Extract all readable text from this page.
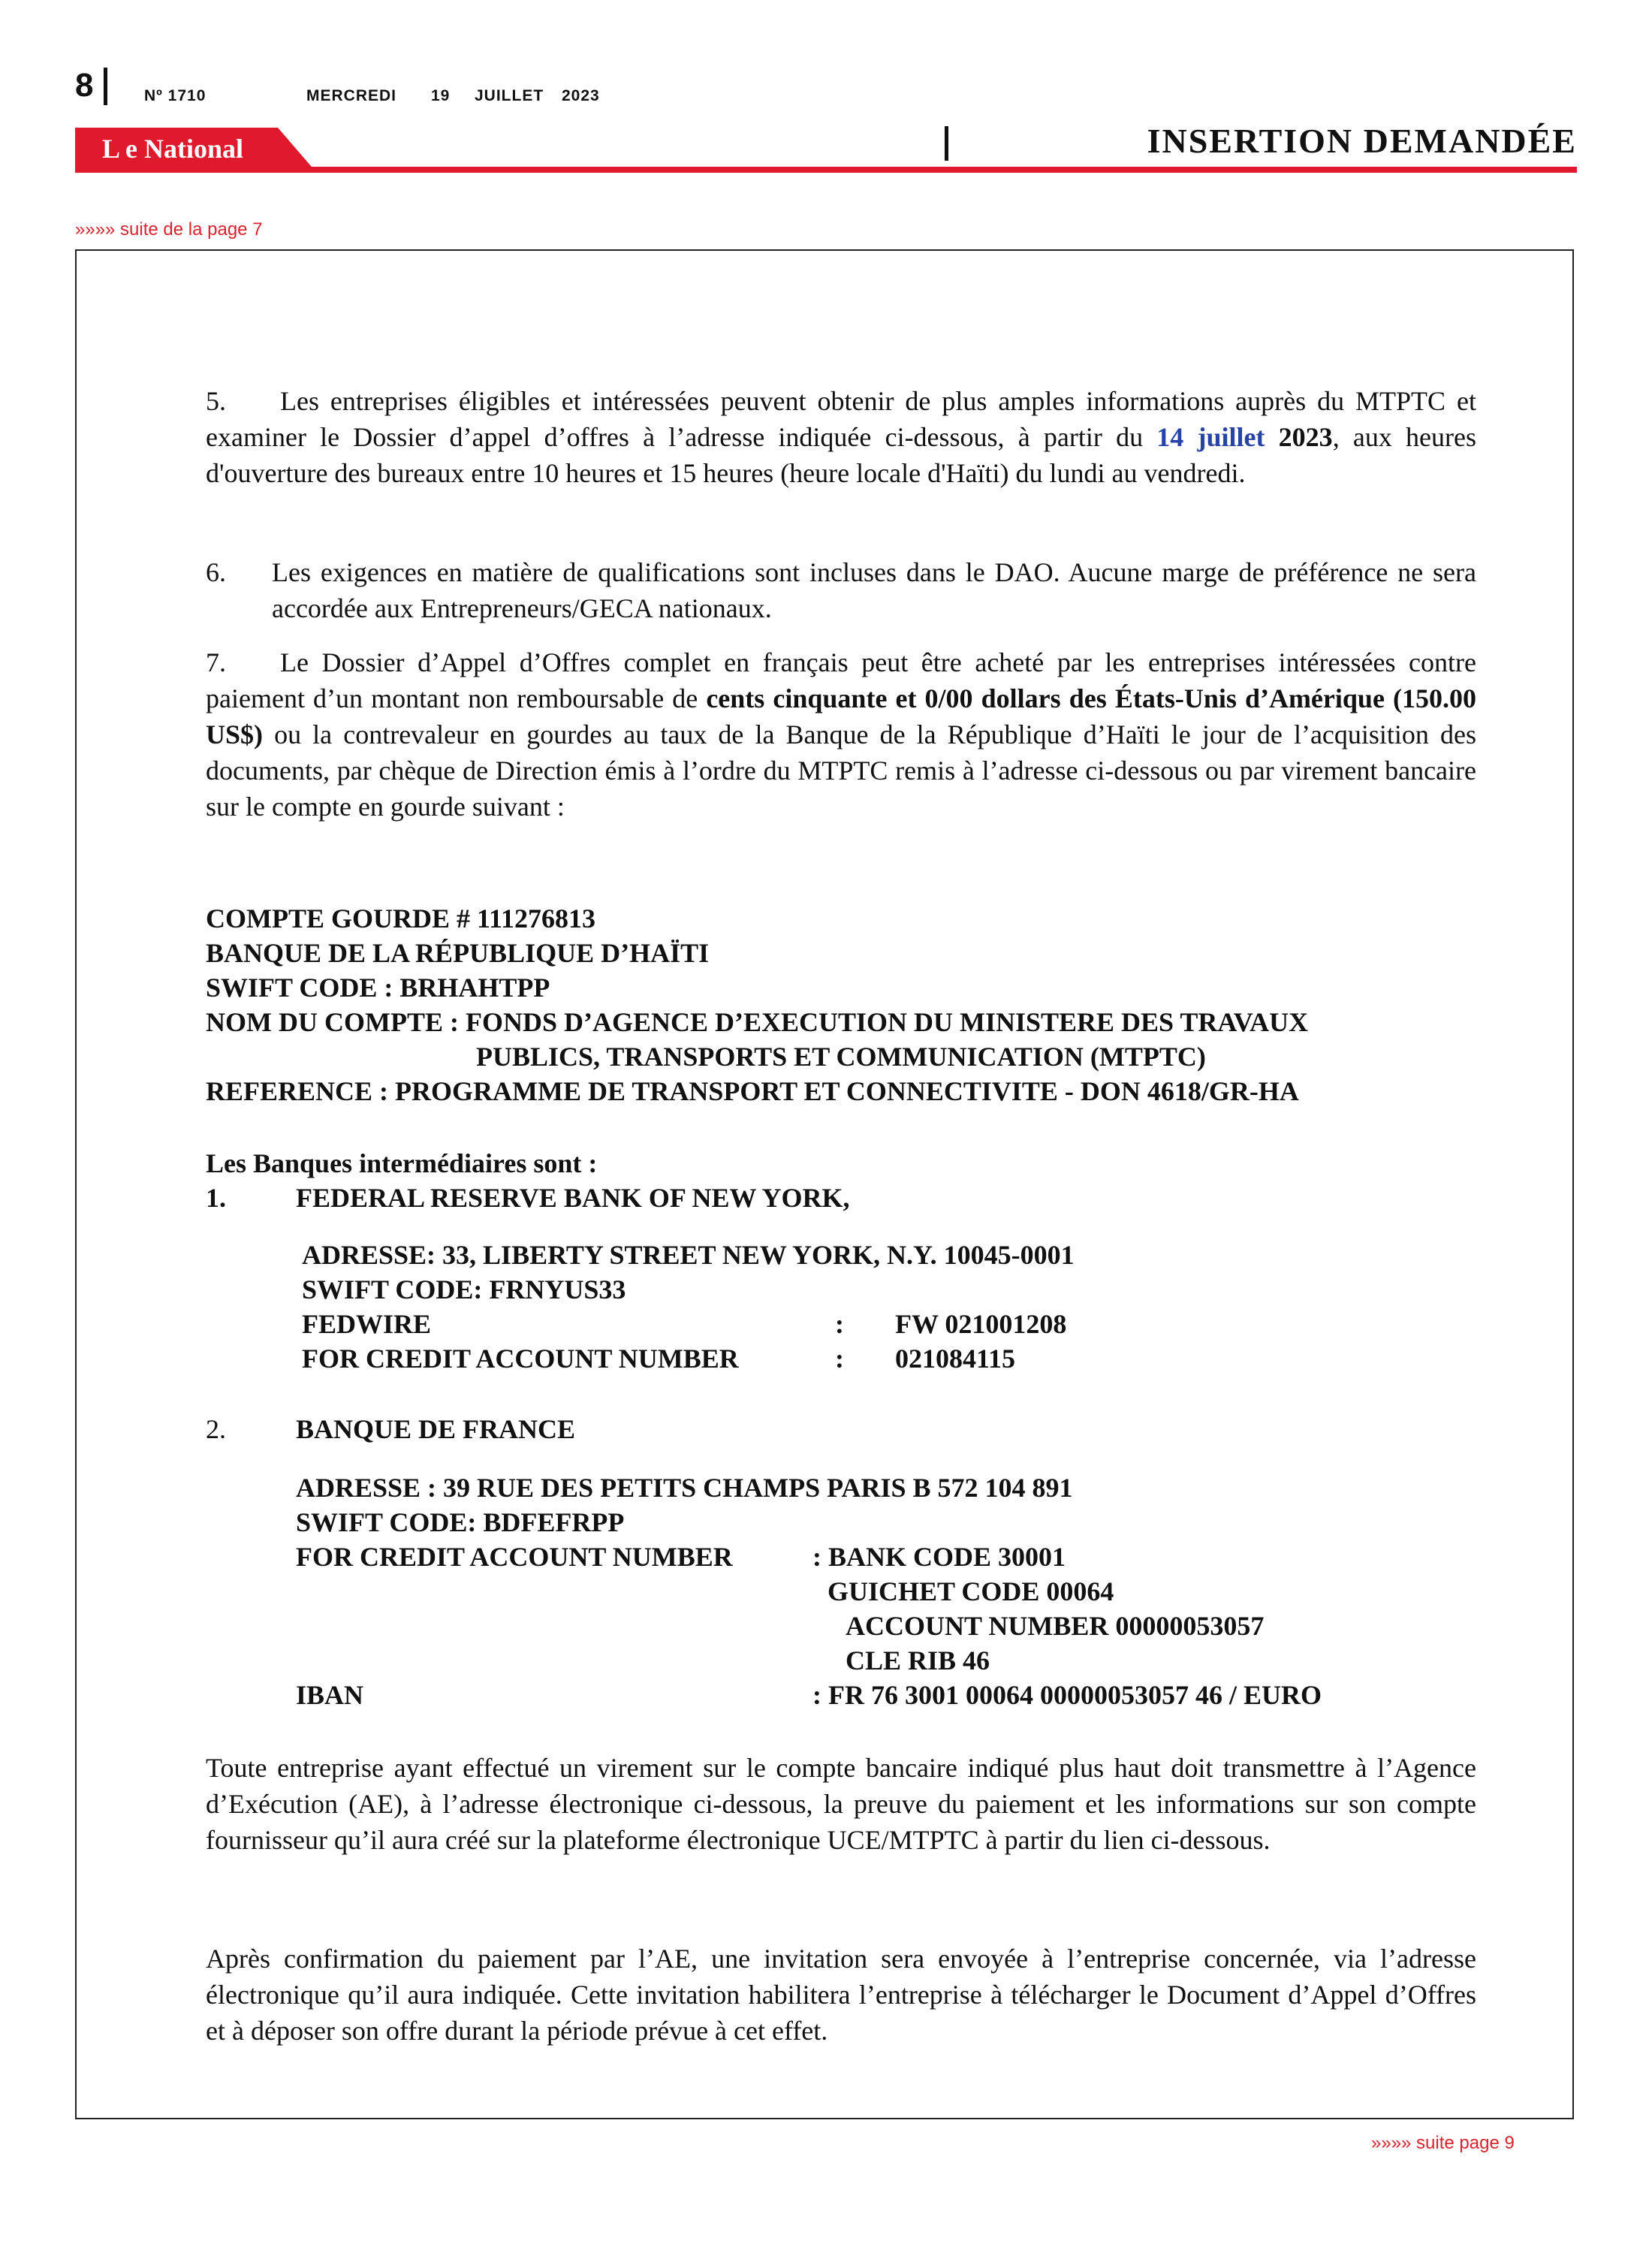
8	Nº 1710	MERCREDI 19 JUILLET 2023
L e National	INSERTION DEMANDÉE
»»»» suite de la page 7
5. Les entreprises éligibles et intéressées peuvent obtenir de plus amples informations auprès du MTPTC et examiner le Dossier d’appel d’offres à l’adresse indiquée ci-dessous, à partir du 14 juillet 2023, aux heures d'ouverture des bureaux entre 10 heures et 15 heures (heure locale d'Haïti) du lundi au vendredi.
6.	Les exigences en matière de qualifications sont incluses dans le DAO. Aucune marge de préférence ne sera accordée aux Entrepreneurs/GECA nationaux.
7. Le Dossier d’Appel d’Offres complet en français peut être acheté par les entreprises intéressées contre paiement d’un montant non remboursable de cents cinquante et 0/00 dollars des États-Unis d’Amérique (150.00 US$) ou la contrevaleur en gourdes au taux de la Banque de la République d’Haïti le jour de l’acquisition des documents, par chèque de Direction émis à l’ordre du MTPTC remis à l’adresse ci-dessous ou par virement bancaire sur le compte en gourde suivant :
COMPTE GOURDE # 111276813
BANQUE DE LA RÉPUBLIQUE D’HAÏTI
SWIFT CODE : BRHAHTPP
NOM DU COMPTE : FONDS D’AGENCE D’EXECUTION DU MINISTERE DES TRAVAUX
PUBLICS, TRANSPORTS ET COMMUNICATION (MTPTC)
REFERENCE : PROGRAMME DE TRANSPORT ET CONNECTIVITE - DON 4618/GR-HA
Les Banques intermédiaires sont :
1.	FEDERAL RESERVE BANK OF NEW YORK,
ADRESSE: 33, LIBERTY STREET NEW YORK, N.Y. 10045-0001
SWIFT CODE: FRNYUS33
FEDWIRE	: FW 021001208
FOR CREDIT ACCOUNT NUMBER	: 021084115
2.	BANQUE DE FRANCE
ADRESSE : 39 RUE DES PETITS CHAMPS PARIS B 572 104 891
SWIFT CODE: BDFEFRPP
FOR CREDIT ACCOUNT NUMBER	: BANK CODE 30001
GUICHET CODE 00064
ACCOUNT NUMBER 00000053057
CLE RIB 46
IBAN	: FR 76 3001 00064 00000053057 46 / EURO
Toute entreprise ayant effectué un virement sur le compte bancaire indiqué plus haut doit transmettre à l’Agence d’Exécution (AE), à l’adresse électronique ci-dessous, la preuve du paiement et les informations sur son compte fournisseur qu’il aura créé sur la plateforme électronique UCE/MTPTC à partir du lien ci-dessous.
Après confirmation du paiement par l’AE, une invitation sera envoyée à l’entreprise concernée, via l’adresse électronique qu’il aura indiquée. Cette invitation habilitera l’entreprise à télécharger le Document d’Appel d’Offres et à déposer son offre durant la période prévue à cet effet.
»»»» suite page 9
